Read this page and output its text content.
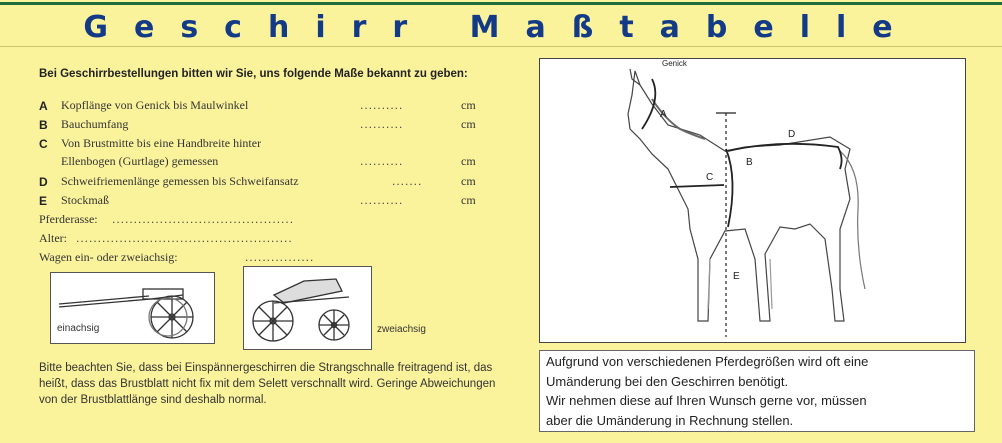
Geschirr Maßtabelle
Bei Geschirrbestellungen bitten wir Sie, uns folgende Maße bekannt zu geben:
A Kopflänge von Genick bis Maulwinkel	..........	cm
B Bauchumfang	..........	cm
C Von Brustmitte bis eine Handbreite hinter
Ellenbogen (Gurtlage) gemessen	..........	cm
D Schweifriemenlänge gemessen bis Schweifansatz	.......	cm
E Stockmaß	..........	cm
Pferderasse: ..........................................
Alter: ..................................................
Wagen ein- oder zweiachsig:	................
einachsig	zweiachsig
Bitte beachten Sie, dass bei Einspännergeschirren die Strangschnalle freitragend ist, das heißt, dass das Brustblatt nicht fix mit dem Selett verschnallt wird. Geringe Abweichungen von der Brustblattlänge sind deshalb normal.
Genick
A
B
C
D
E
Aufgrund von verschiedenen Pferdegrößen wird oft eine
Umänderung bei den Geschirren benötigt.
Wir nehmen diese auf Ihren Wunsch gerne vor, müssen
aber die Umänderung in Rechnung stellen.
